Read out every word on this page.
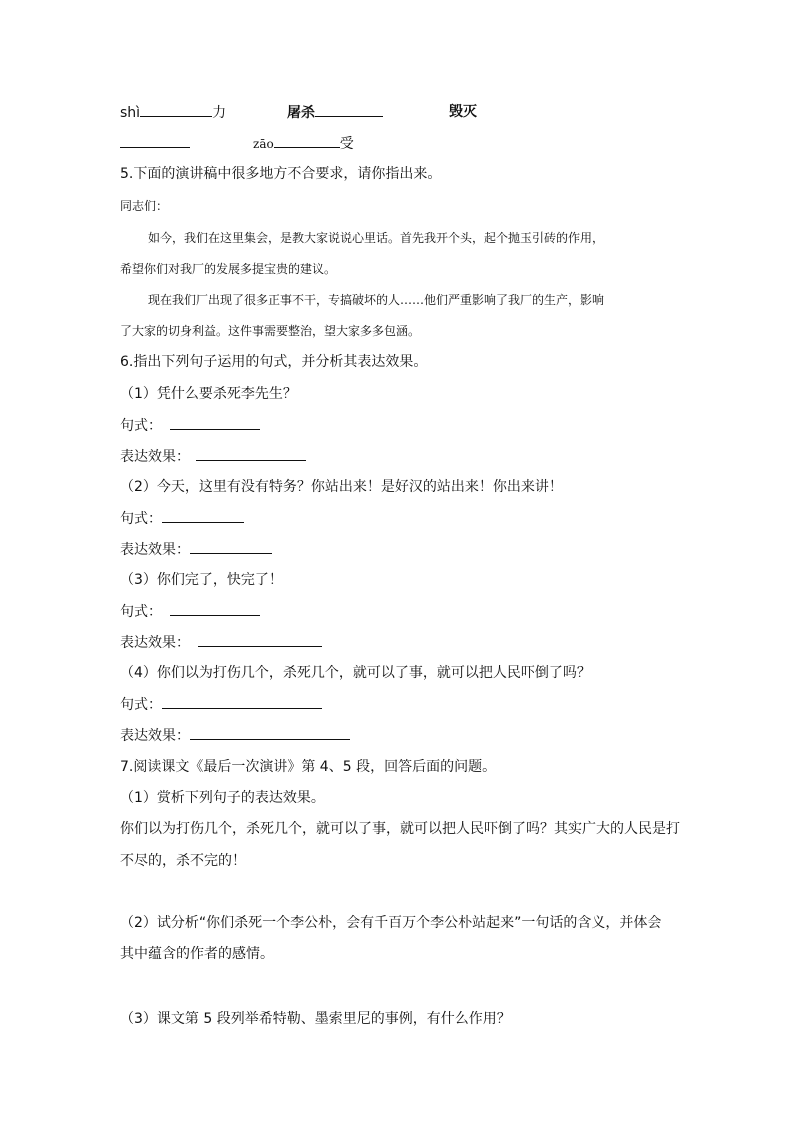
shì	力	屠杀	毁灭
zāo	受
5.下面的演讲稿中很多地方不合要求，请你指出来。
同志们：
如今，我们在这里集会，是教大家说说心里话。首先我开个头，起个抛玉引砖的作用，
希望你们对我厂的发展多提宝贵的建议。
现在我们厂出现了很多正事不干，专搞破坏的人……他们严重影响了我厂的生产，影响
了大家的切身利益。这件事需要整治，望大家多多包涵。
6.指出下列句子运用的句式，并分析其表达效果。
（1）凭什么要杀死李先生？
句式：
表达效果：
（2）今天，这里有没有特务？你站出来！是好汉的站出来！你出来讲！
句式：
表达效果：
（3）你们完了，快完了！
句式：
表达效果：
（4）你们以为打伤几个，杀死几个，就可以了事，就可以把人民吓倒了吗？
句式：
表达效果：
7.阅读课文《最后一次演讲》第 4、5 段，回答后面的问题。
（1）赏析下列句子的表达效果。
你们以为打伤几个，杀死几个，就可以了事，就可以把人民吓倒了吗？其实广大的人民是打
不尽的，杀不完的！
（2）试分析“你们杀死一个李公朴，会有千百万个李公朴站起来”一句话的含义，并体会
其中蕴含的作者的感情。
（3）课文第 5 段列举希特勒、墨索里尼的事例，有什么作用？
